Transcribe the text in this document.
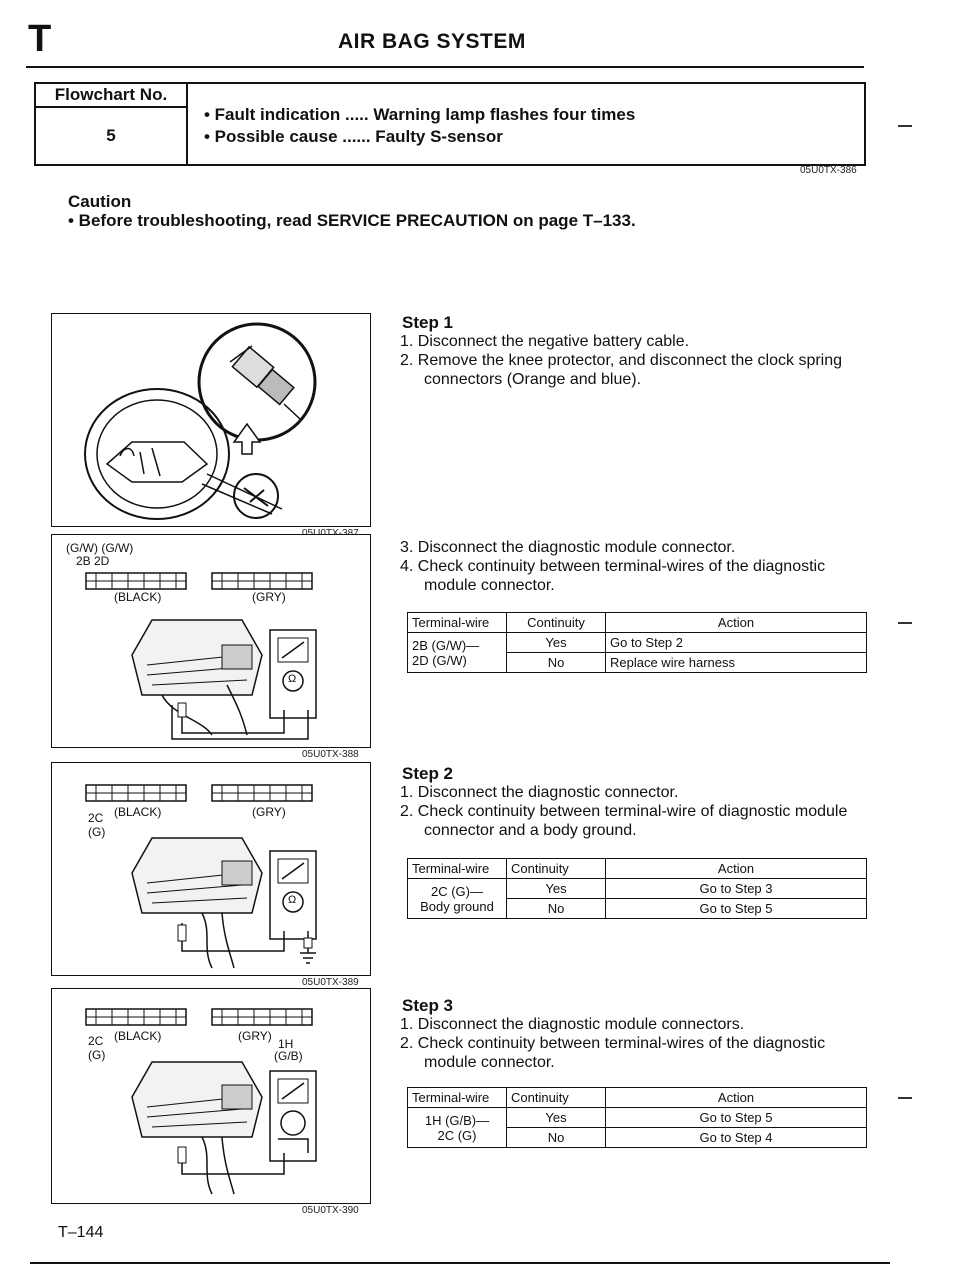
T	AIR BAG SYSTEM
Flowchart No.
5
• Fault indication ..... Warning lamp flashes four times
• Possible cause ...... Faulty S-sensor
05U0TX-386
Caution
• Before troubleshooting, read SERVICE PRECAUTION on page T–133.
(G/W) (G/W)
2B 2D
(BLACK)	(GRY)
Ω
05U0TX-388
2C
(G)
(BLACK)	(GRY)
Ω
05U0TX-389
2C
(G)
(BLACK)	(GRY)
1H
(G/B)
05U0TX-390
Step 1
1. Disconnect the negative battery cable.
2. Remove the knee protector, and disconnect the clock spring
connectors (Orange and blue).
3. Disconnect the diagnostic module connector.
4. Check continuity between terminal-wires of the diagnostic
module connector.
Terminal-wire	Continuity	Action

2B (G/W)—
2D (G/W)	Yes	Go to Step 2
	No	Replace wire harness
Step 2
1. Disconnect the diagnostic connector.
2. Check continuity between terminal-wire of diagnostic module
connector and a body ground.
Terminal-wire	Continuity	Action

2C (G)—
Body ground	Yes	Go to Step 3
	No	Go to Step 5
Step 3
1. Disconnect the diagnostic module connectors.
2. Check continuity between terminal-wires of the diagnostic
module connector.
Terminal-wire	Continuity	Action

1H (G/B)—
2C (G)	Yes	Go to Step 5
	No	Go to Step 4
T–144
